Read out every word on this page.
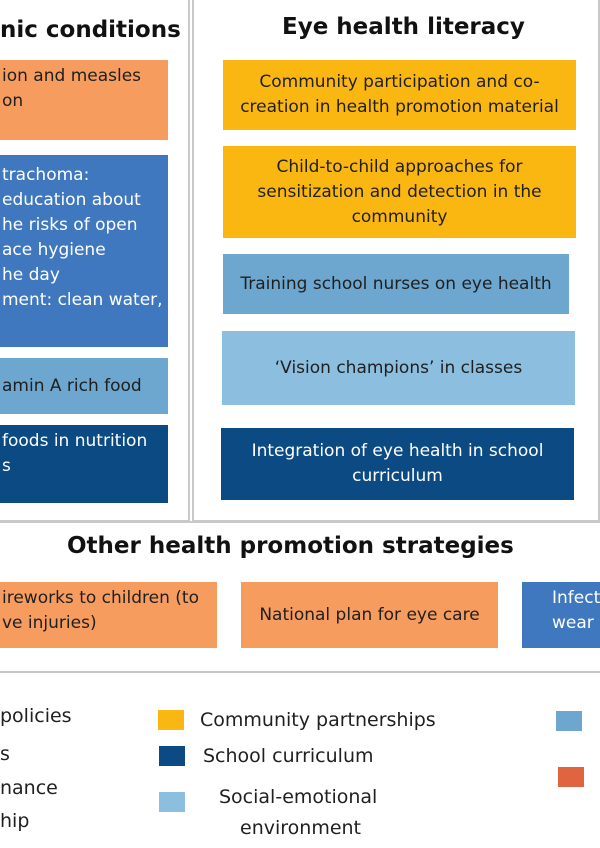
nic conditions
ion and measles
on
trachoma:
education about
he risks of open
ace hygiene
he day
ment: clean water,
amin A rich food
foods in nutrition
s
Eye health literacy
Community participation and co-creation in health promotion material
Child-to-child approaches for sensitization and detection in the community
Training school nurses on eye health
‘Vision champions’ in classes
Integration of eye health in school curriculum
Other health promotion strategies
ireworks to children (to
ve injuries)	National plan for eye care
Infect
wear
policies
s
nance
hip
Community partnerships
School curriculum
Social-emotional
environment
